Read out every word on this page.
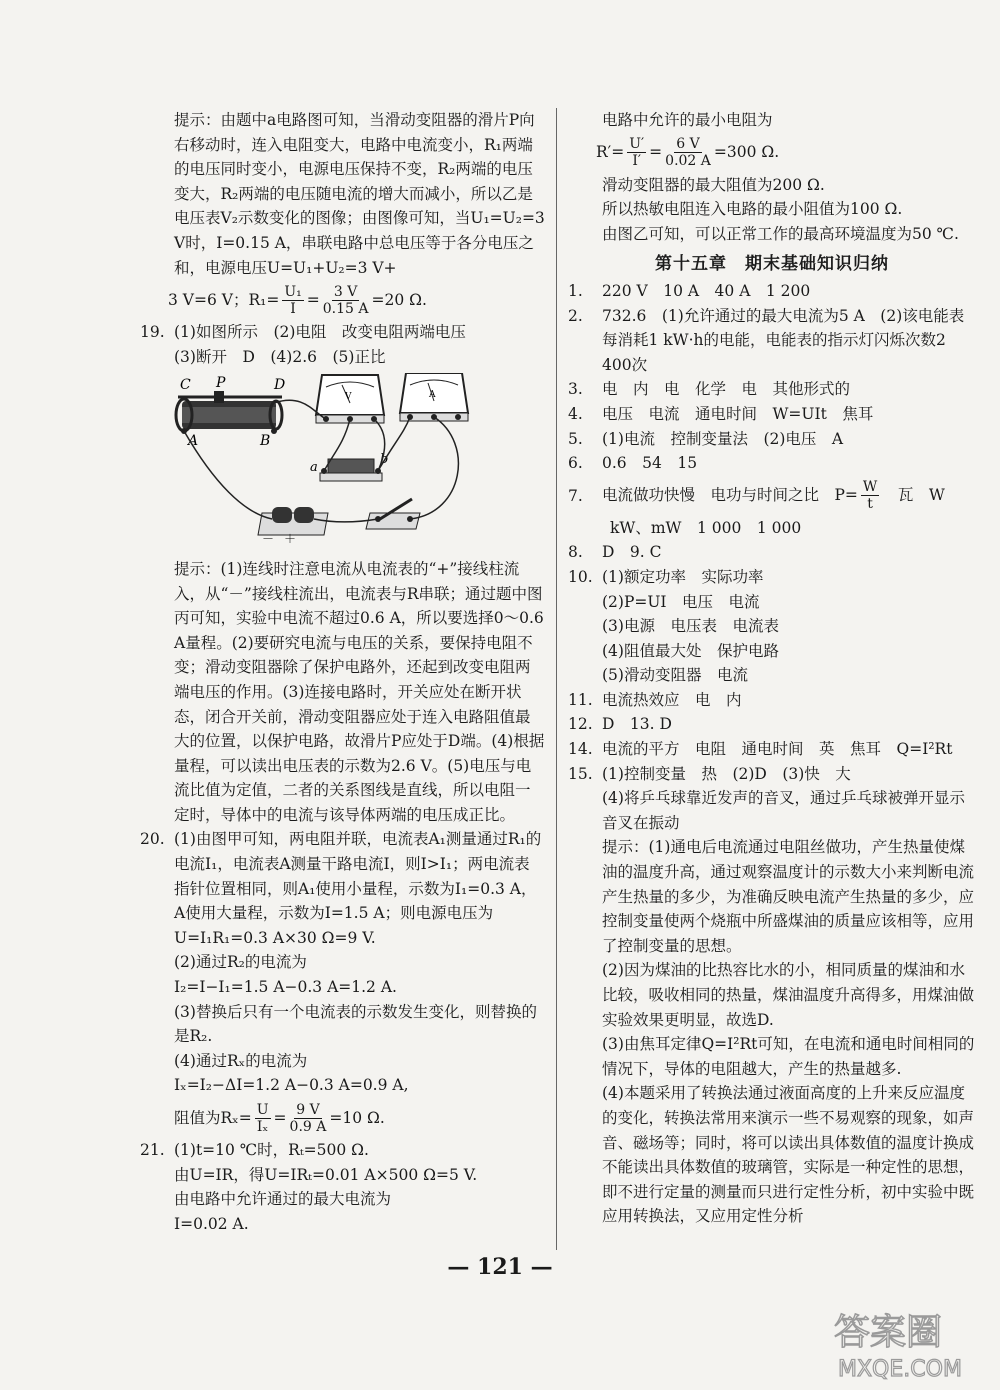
提示：由题中a电路图可知，当滑动变阻器的滑片P向右移动时，连入电阻变大，电路中电流变小，R₁两端的电压同时变小，电源电压保持不变，R₂两端的电压变大，R₂两端的电压随电流的增大而减小，所以乙是电压表V₂示数变化的图像；由图像可知，当U₁=U₂=3 V时，I=0.15 A，串联电路中总电压等于各分电压之和，电源电压U=U₁+U₂=3 V+

3 V=6 V；$R_1= \frac{\text{U₁}}{I} = \frac{3 V}{0.15 A} =20$ Ω.
19. (1)如图所示　(2)电阻　改变电阻两端电压

(3)断开　D　(4)2.6　(5)正比

C P	D
A	B
V	A
a
b
－ ＋

提示：(1)连线时注意电流从电流表的“+”接线柱流入，从“－”接线柱流出，电流表与R串联；通过题中图丙可知，实验中电流不超过0.6 A，所以要选择0～0.6 A量程。(2)要研究电流与电压的关系，要保持电阻不变；滑动变阻器除了保护电路外，还起到改变电阻两端电压的作用。(3)连接电路时，开关应处在断开状态，闭合开关前，滑动变阻器应处于连入电路阻值最大的位置，以保护电路，故滑片P应处于D端。(4)根据量程，可以读出电压表的示数为2.6 V。(5)电压与电流比值为定值，二者的关系图线是直线，所以电阻一定时，导体中的电流与该导体两端的电压成正比。

20. (1)由图甲可知，两电阻并联，电流表A₁测量通过R₁的电流I₁，电流表A测量干路电流I，则I>I₁；两电流表指针位置相同，则A₁使用小量程，示数为I₁=0.3 A，A使用大量程，示数为I=1.5 A；则电源电压为U=I₁R₁=0.3 A×30 Ω=9 V.

(2)通过R₂的电流为

I₂=I−I₁=1.5 A−0.3 A=1.2 A.

(3)替换后只有一个电流表的示数发生变化，则替换的是R₂.

(4)通过Rₓ的电流为

Iₓ=I₂−ΔI=1.2 A−0.3 A=0.9 A,

阻值为$R_x= \frac{U}{\text{Iₓ}} = \frac{9 V}{0.9 A} =10$ Ω.
21. (1)t=10 ℃时，Rₜ=500 Ω.

由U=IR，得U=IRₜ=0.01 A×500 Ω=5 V.

由电路中允许通过的最大电流为

I=0.02 A.

电路中允许的最小电阻为

$R'= \frac{U'}{I'} = \frac{6 V}{0.02 A} =300$ Ω.

滑动变阻器的最大阻值为200 Ω.

所以热敏电阻连入电路的最小阻值为100 Ω.

由图乙可知，可以正常工作的最高环境温度为50 ℃.

第十五章　期末基础知识归纳
1. 220 V　10 A　40 A　1 200

2. 732.6　(1)允许通过的最大电流为5 A　(2)该电能表每消耗1 kW·h的电能，电能表的指示灯闪烁次数2 400次

3. 电　内　电　化学　电　其他形式的

4. 电压　电流　通电时间　W=UIt　焦耳

5. (1)电流　控制变量法　(2)电压　A

6. 0.6　54　15

7. 电流做功快慢　电功与时间之比　$P= \frac{W}{t}$ 　瓦　W

kW、mW　1 000　1 000

8. D　9. C

10. (1)额定功率　实际功率

(2)P=UI　电压　电流

(3)电源　电压表　电流表

(4)阻值最大处　保护电路

(5)滑动变阻器　电流

11. 电流热效应　电　内

12. D　13. D

14. 电流的平方　电阻　通电时间　英　焦耳　Q=I²Rt

15. (1)控制变量　热　(2)D　(3)快　大

(4)将乒乓球靠近发声的音叉，通过乒乓球被弹开显示音叉在振动

提示：(1)通电后电流通过电阻丝做功，产生热量使煤油的温度升高，通过观察温度计的示数大小来判断电流产生热量的多少，为准确反映电流产生热量的多少，应控制变量使两个烧瓶中所盛煤油的质量应该相等，应用了控制变量的思想。

(2)因为煤油的比热容比水的小，相同质量的煤油和水比较，吸收相同的热量，煤油温度升高得多，用煤油做实验效果更明显，故选D.

(3)由焦耳定律Q=I²Rt可知，在电流和通电时间相同的情况下，导体的电阻越大，产生的热量越多.

(4)本题采用了转换法通过液面高度的上升来反应温度的变化，转换法常用来演示一些不易观察的现象，如声音、磁场等；同时，将可以读出具体数值的温度计换成不能读出具体数值的玻璃管，实际是一种定性的思想，即不进行定量的测量而只进行定性分析，初中实验中既应用转换法，又应用定性分析

— 121 —
答案圈
MXQE.COM
